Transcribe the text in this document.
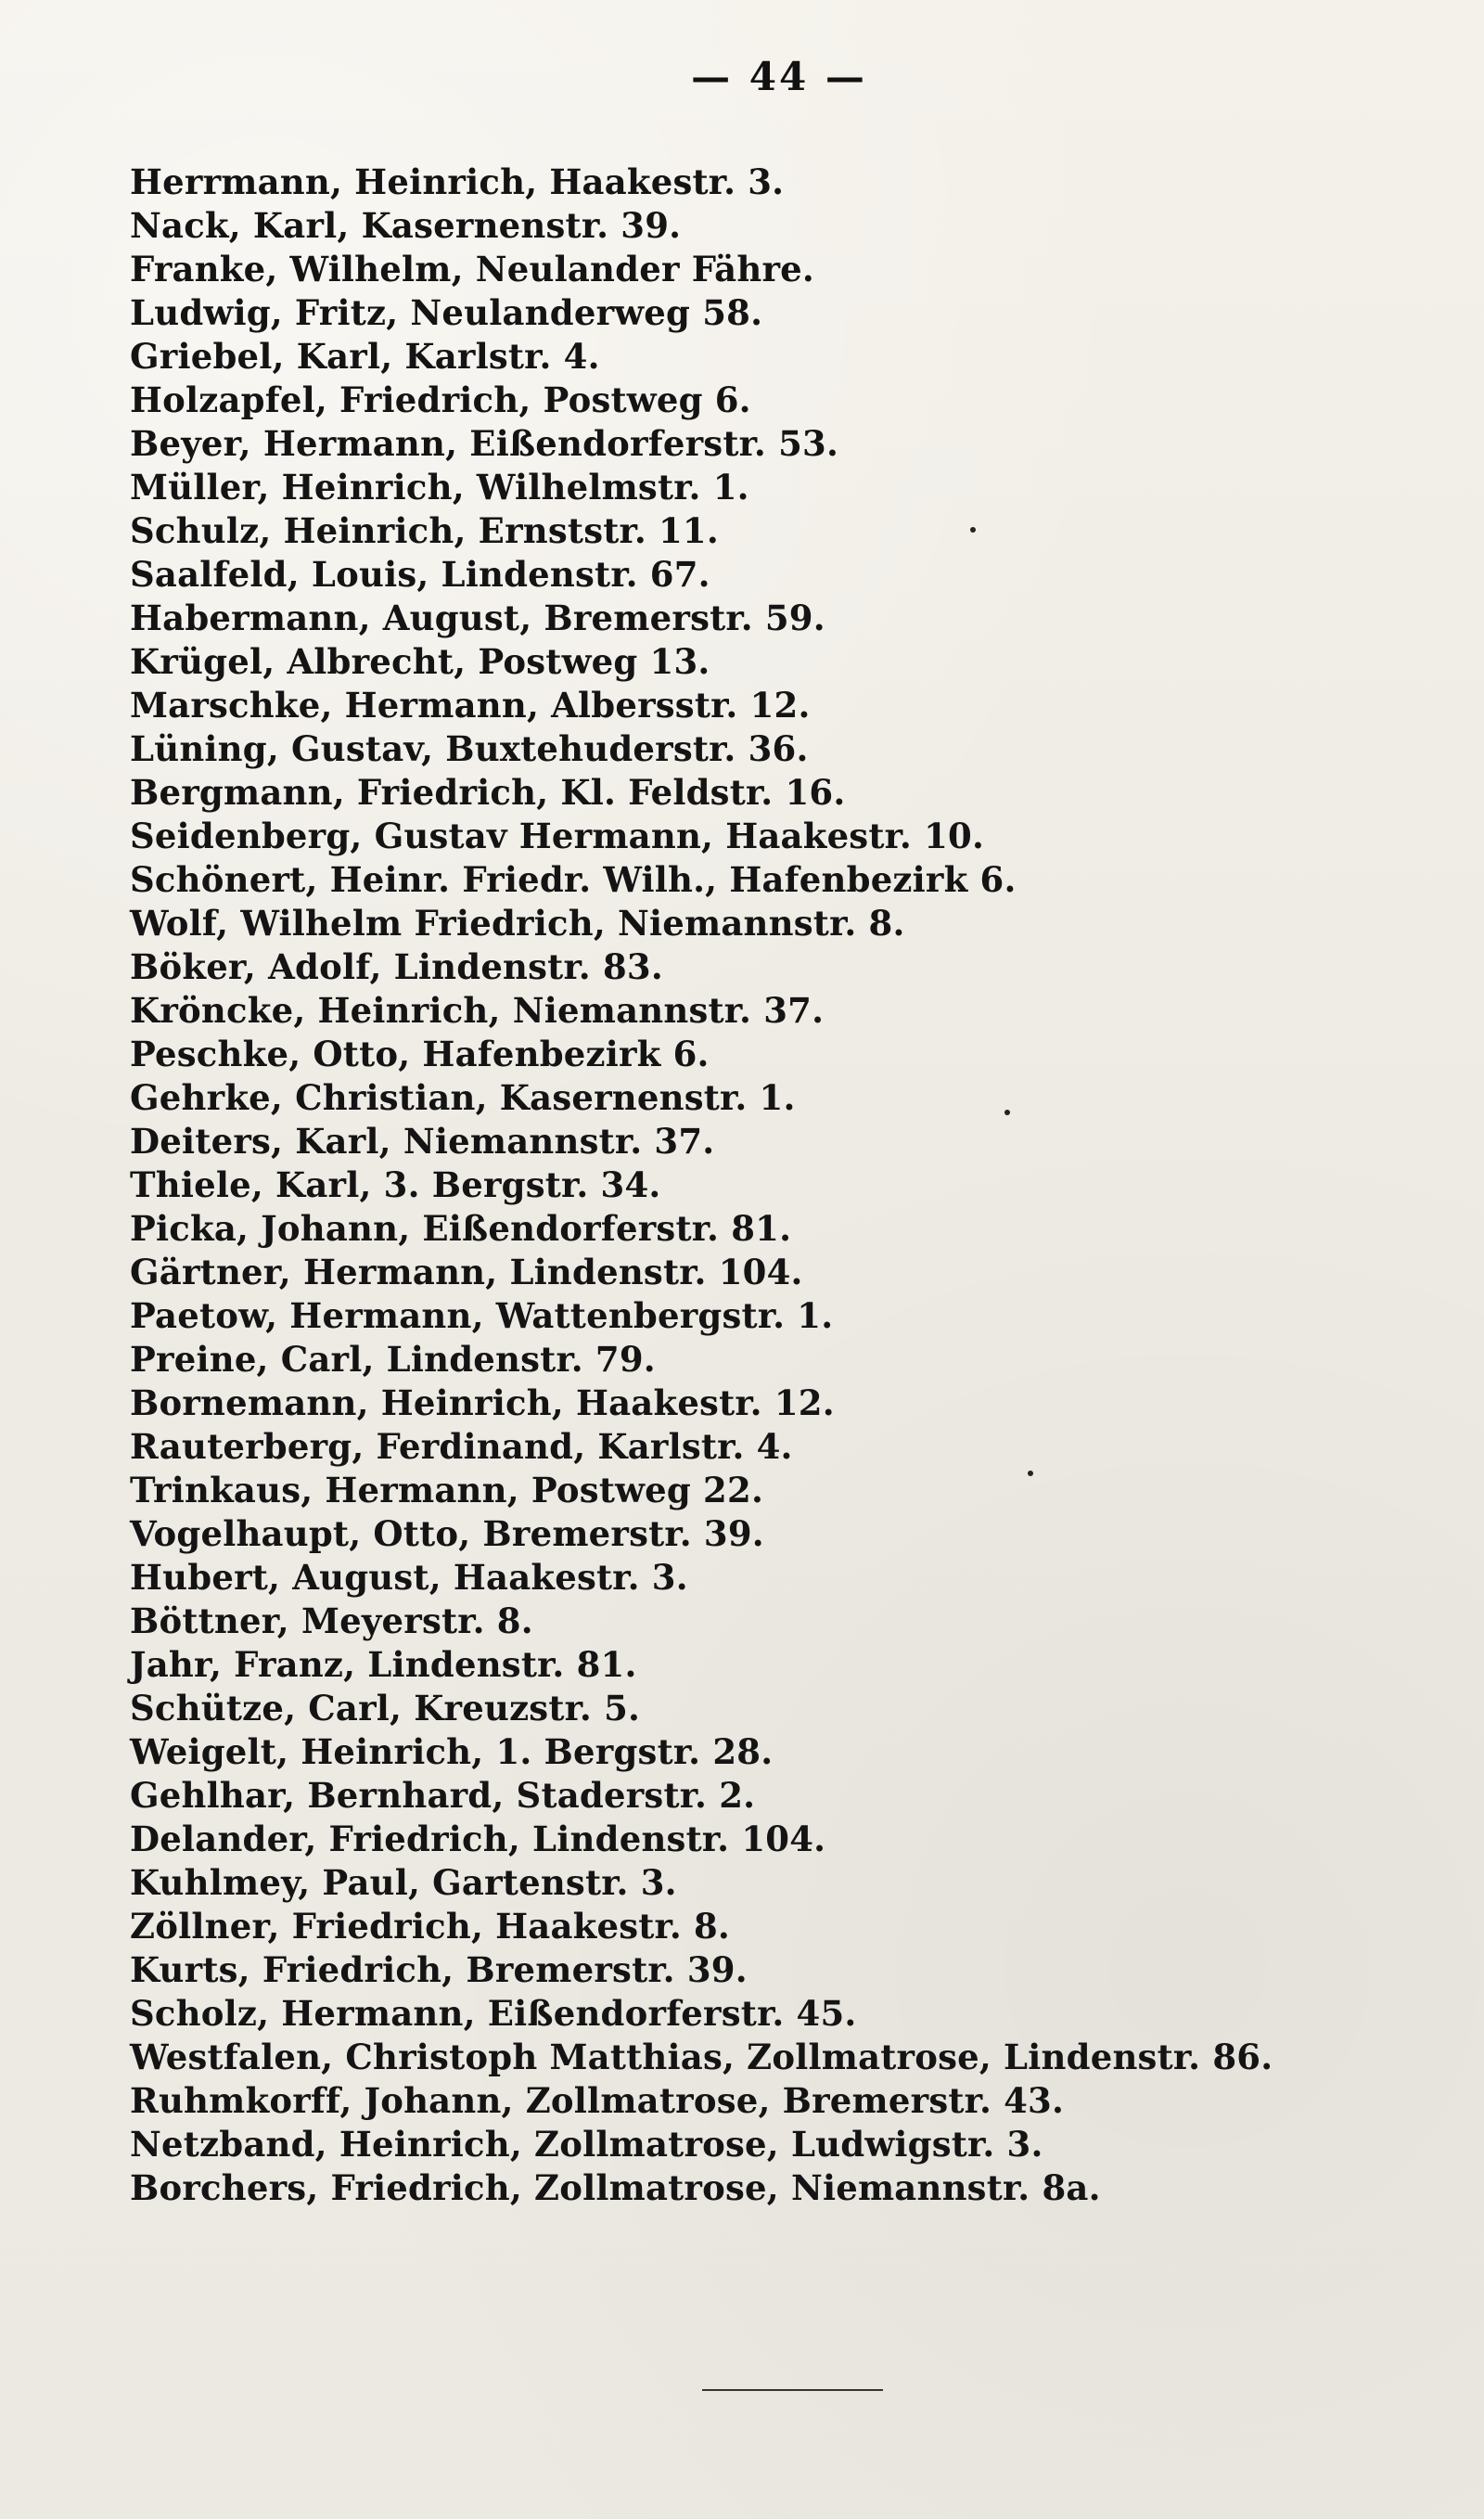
— 44 —
Herrmann, Heinrich, Haakestr. 3.
Nack, Karl, Kasernenstr. 39.
Franke, Wilhelm, Neulander Fähre.
Ludwig, Fritz, Neulanderweg 58.
Griebel, Karl, Karlstr. 4.
Holzapfel, Friedrich, Postweg 6.
Beyer, Hermann, Eißendorferstr. 53.
Müller, Heinrich, Wilhelmstr. 1.
Schulz, Heinrich, Ernststr. 11.
Saalfeld, Louis, Lindenstr. 67.
Habermann, August, Bremerstr. 59.
Krügel, Albrecht, Postweg 13.
Marschke, Hermann, Albersstr. 12.
Lüning, Gustav, Buxtehuderstr. 36.
Bergmann, Friedrich, Kl. Feldstr. 16.
Seidenberg, Gustav Hermann, Haakestr. 10.
Schönert, Heinr. Friedr. Wilh., Hafenbezirk 6.
Wolf, Wilhelm Friedrich, Niemannstr. 8.
Böker, Adolf, Lindenstr. 83.
Kröncke, Heinrich, Niemannstr. 37.
Peschke, Otto, Hafenbezirk 6.
Gehrke, Christian, Kasernenstr. 1.
Deiters, Karl, Niemannstr. 37.
Thiele, Karl, 3. Bergstr. 34.
Picka, Johann, Eißendorferstr. 81.
Gärtner, Hermann, Lindenstr. 104.
Paetow, Hermann, Wattenbergstr. 1.
Preine, Carl, Lindenstr. 79.
Bornemann, Heinrich, Haakestr. 12.
Rauterberg, Ferdinand, Karlstr. 4.
Trinkaus, Hermann, Postweg 22.
Vogelhaupt, Otto, Bremerstr. 39.
Hubert, August, Haakestr. 3.
Böttner, Meyerstr. 8.
Jahr, Franz, Lindenstr. 81.
Schütze, Carl, Kreuzstr. 5.
Weigelt, Heinrich, 1. Bergstr. 28.
Gehlhar, Bernhard, Staderstr. 2.
Delander, Friedrich, Lindenstr. 104.
Kuhlmey, Paul, Gartenstr. 3.
Zöllner, Friedrich, Haakestr. 8.
Kurts, Friedrich, Bremerstr. 39.
Scholz, Hermann, Eißendorferstr. 45.
Westfalen, Christoph Matthias, Zollmatrose, Lindenstr. 86.
Ruhmkorff, Johann, Zollmatrose, Bremerstr. 43.
Netzband, Heinrich, Zollmatrose, Ludwigstr. 3.
Borchers, Friedrich, Zollmatrose, Niemannstr. 8a.
